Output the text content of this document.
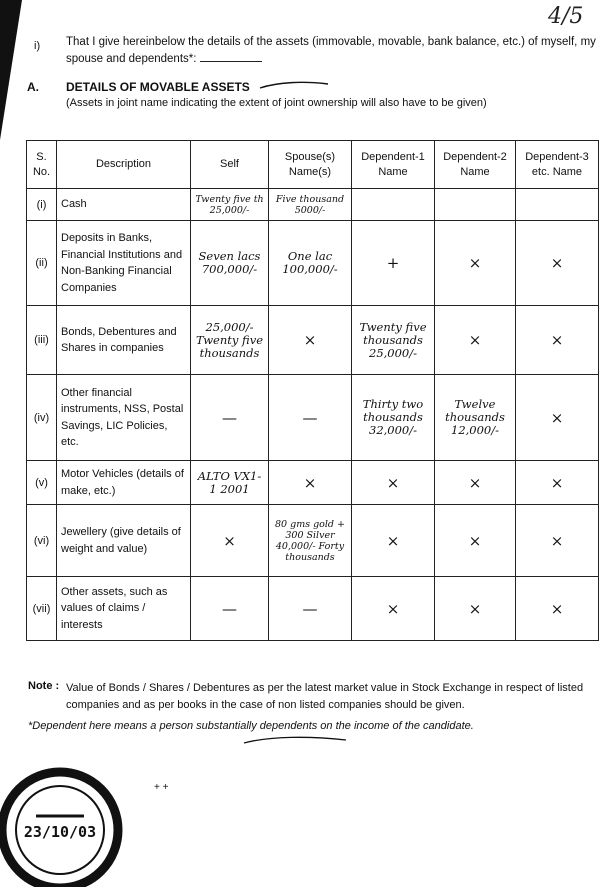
4/5
i) That I give hereinbelow the details of the assets (immovable, movable, bank balance, etc.) of myself, my spouse and dependents*:
A. DETAILS OF MOVABLE ASSETS
(Assets in joint name indicating the extent of joint ownership will also have to be given)
S. No.	Description	Self	Spouse(s) Name(s)	Dependent-1 Name	Dependent-2 Name	Dependent-3 etc. Name
(i)	Cash	Twenty five th 25,000/-	Five thousand 5000/-			
(ii)	Deposits in Banks, Financial Institutions and Non-Banking Financial Companies	Seven lacs 700,000/-	One lac 100,000/-	+	×	×
(iii)	Bonds, Debentures and Shares in companies	25,000/- Twenty five thousands	×	Twenty five thousands 25,000/-	×	×
(iv)	Other financial instruments, NSS, Postal Savings, LIC Policies, etc.	—	—	Thirty two thousands 32,000/-	Twelve thousands 12,000/-	×
(v)	Motor Vehicles (details of make, etc.)	ALTO VX1-1 2001	×	×	×	×
(vi)	Jewellery (give details of weight and value)	×	80 gms gold + 300 Silver 40,000/- Forty thousands	×	×	×
(vii)	Other assets, such as values of claims / interests	—	—	×	×	×
Note : Value of Bonds / Shares / Debentures as per the latest market value in Stock Exchange in respect of listed companies and as per books in the case of non listed companies should be given.
*Dependent here means a person substantially dependents on the income of the candidate.
+ +
23/10/03
